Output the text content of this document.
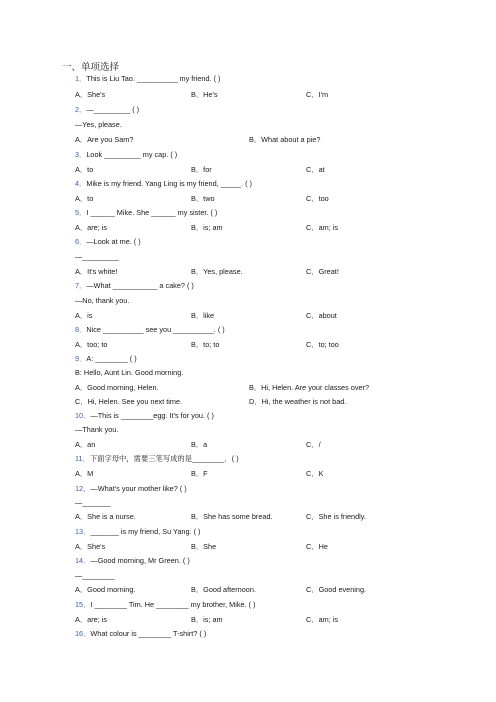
一、单项选择
1．This is Liu Tao. __________ my friend. ( )
A．She's	B．He's	C．I'm
2．—_________ ( )
—Yes, please.
A．Are you Sam?	B．What about a pie?
3．Look _________ my cap. ( )
A．to	B．for	C．at
4．Mike is my friend. Yang Ling is my friend, _____. ( )
A．to	B．two	C．too
5．I ______ Mike. She ______ my sister. ( )
A．are; is	B．is; am	C．am; is
6．—Look at me. ( )
—_________
A．It's white!	B．Yes, please.	C．Great!
7．—What ___________ a cake? ( )
—No, thank you.
A．is	B．like	C．about
8．Nice __________ see you __________. ( )
A．too; to	B．to; to	C．to; too
9．A: ________ ( )
B: Hello, Aunt Lin. Good morning.
A．Good morning, Helen.	B．Hi, Helen. Are your classes over?
C．Hi, Helen. See you next time.	D．Hi, the weather is not bad.
10．—This is ________egg. It's for you. ( )
—Thank you.
A．an	B．a	C．/
11．下面字母中，需要三笔写成的是________．( )
A．M	B．F	C．K
12．—What's your mother like? ( )
—_______
A．She is a nurse.	B．She has some bread.	C．She is friendly.
13．_______ is my friend, Su Yang. ( )
A．She's	B．She	C．He
14．—Good morning, Mr Green. ( )
—________
A．Good morning.	B．Good afternoon.	C．Good evening.
15．I ________ Tim. He ________ my brother, Mike. ( )
A．are; is	B．is; am	C．am; is
16．What colour is ________ T-shirt? ( )
